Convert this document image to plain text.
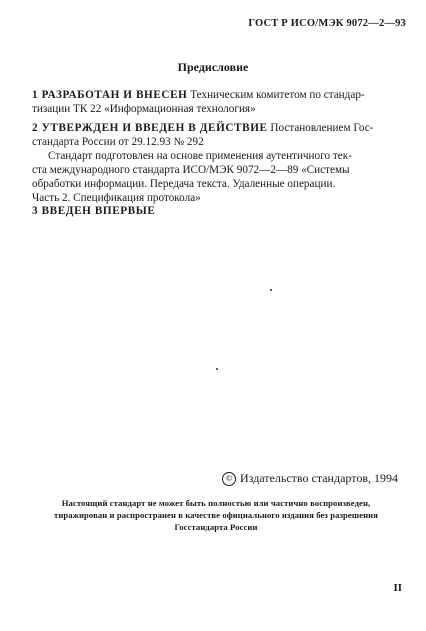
ГОСТ Р ИСО/МЭК 9072—2—93
Предисловие
1 РАЗРАБОТАН И ВНЕСЕН Техническим комитетом по стандар-
тизации ТК 22 «Информационная технология»
2 УТВЕРЖДЕН И ВВЕДЕН В ДЕЙСТВИЕ Постановлением Гос-
стандарта России от 29.12.93 № 292
Стандарт подготовлен на основе применения аутентичного тек-
ста международного стандарта ИСО/МЭК 9072—2—89 «Системы
обработки информации. Передача текста. Удаленные операции.
Часть 2. Спецификация протокола»
3 ВВЕДЕН ВПЕРВЫЕ
© Издательство стандартов, 1994
Настоящий стандарт не может быть полностью или частично воспроизведен,
тиражирован и распространен в качестве официального издания без разрешения
Госстандарта России
II
